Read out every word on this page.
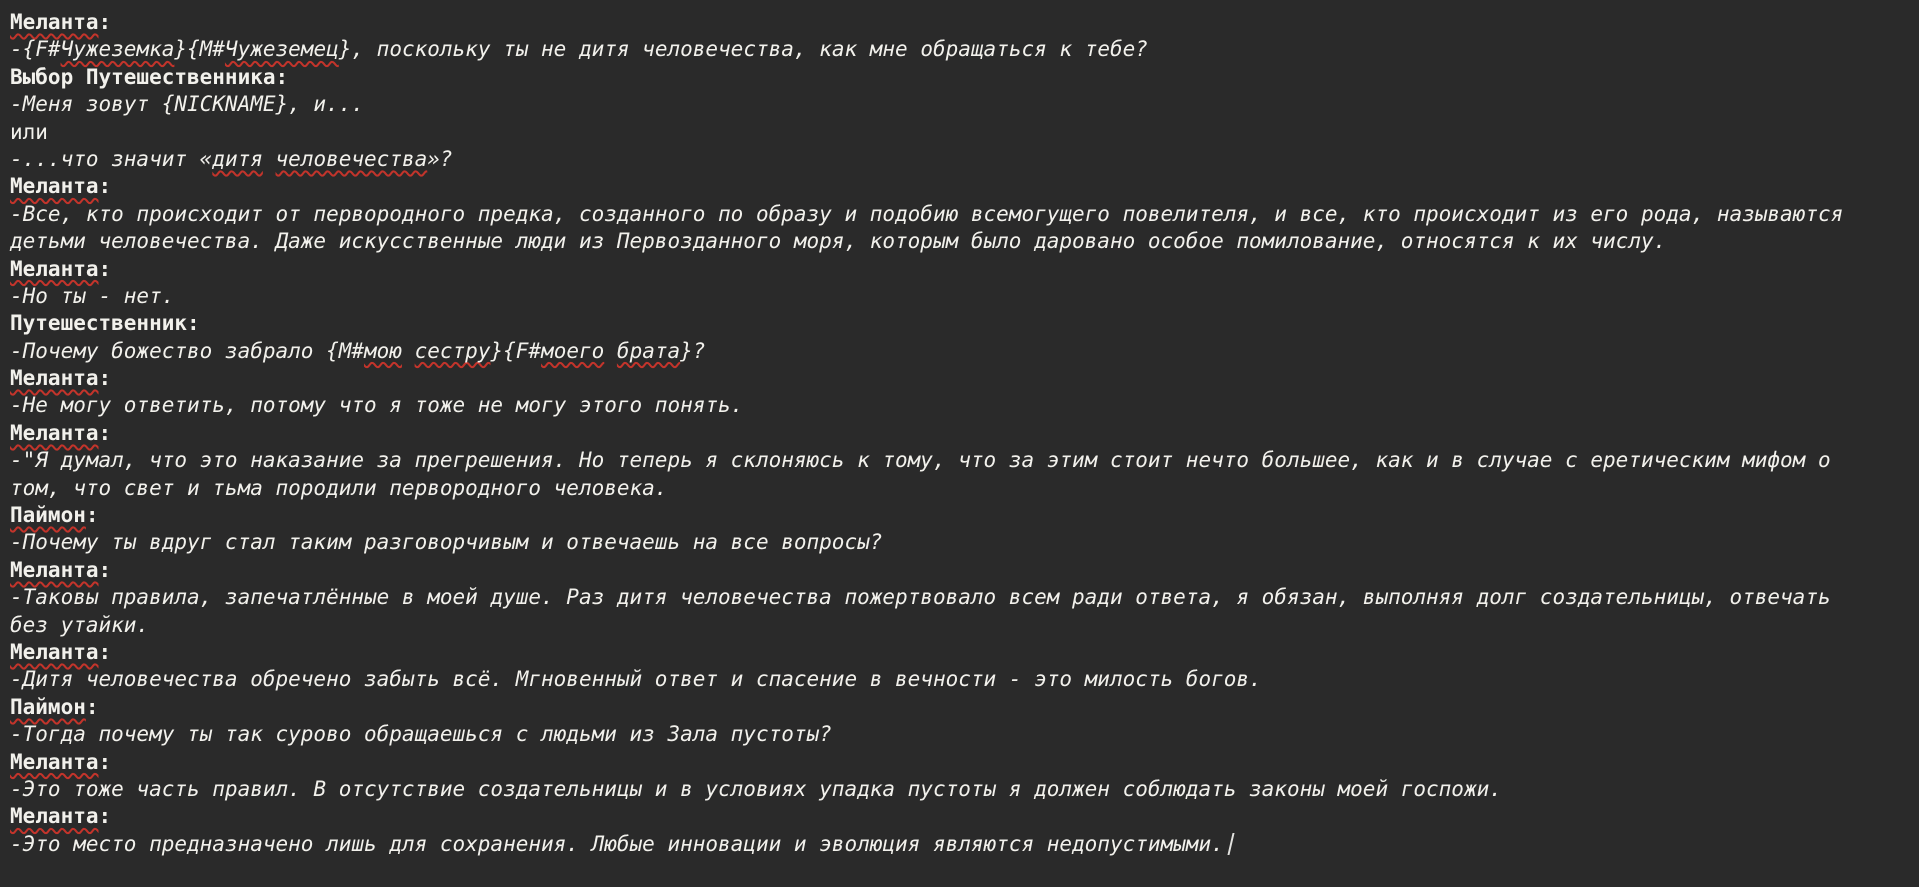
Меланта:
-{F#Чужеземка}{M#Чужеземец}, поскольку ты не дитя человечества, как мне обращаться к тебе?
Выбор Путешественника:
-Меня зовут {NICKNAME}, и...
или
-...что значит «дитя человечества»?
Меланта:
-Все, кто происходит от первородного предка, созданного по образу и подобию всемогущего повелителя, и все, кто происходит из его рода, называются
детьми человечества. Даже искусственные люди из Первозданного моря, которым было даровано особое помилование, относятся к их числу.
Меланта:
-Но ты - нет.
Путешественник:
-Почему божество забрало {M#мою сестру}{F#моего брата}?
Меланта:
-Не могу ответить, потому что я тоже не могу этого понять.
Меланта:
-"Я думал, что это наказание за прегрешения. Но теперь я склоняюсь к тому, что за этим стоит нечто большее, как и в случае с еретическим мифом о
том, что свет и тьма породили первородного человека.
Паймон:
-Почему ты вдруг стал таким разговорчивым и отвечаешь на все вопросы?
Меланта:
-Таковы правила, запечатлённые в моей душе. Раз дитя человечества пожертвовало всем ради ответа, я обязан, выполняя долг создательницы, отвечать
без утайки.
Меланта:
-Дитя человечества обречено забыть всё. Мгновенный ответ и спасение в вечности - это милость богов.
Паймон:
-Тогда почему ты так сурово обращаешься с людьми из Зала пустоты?
Меланта:
-Это тоже часть правил. В отсутствие создательницы и в условиях упадка пустоты я должен соблюдать законы моей госпожи.
Меланта:
-Это место предназначено лишь для сохранения. Любые инновации и эволюция являются недопустимыми.
